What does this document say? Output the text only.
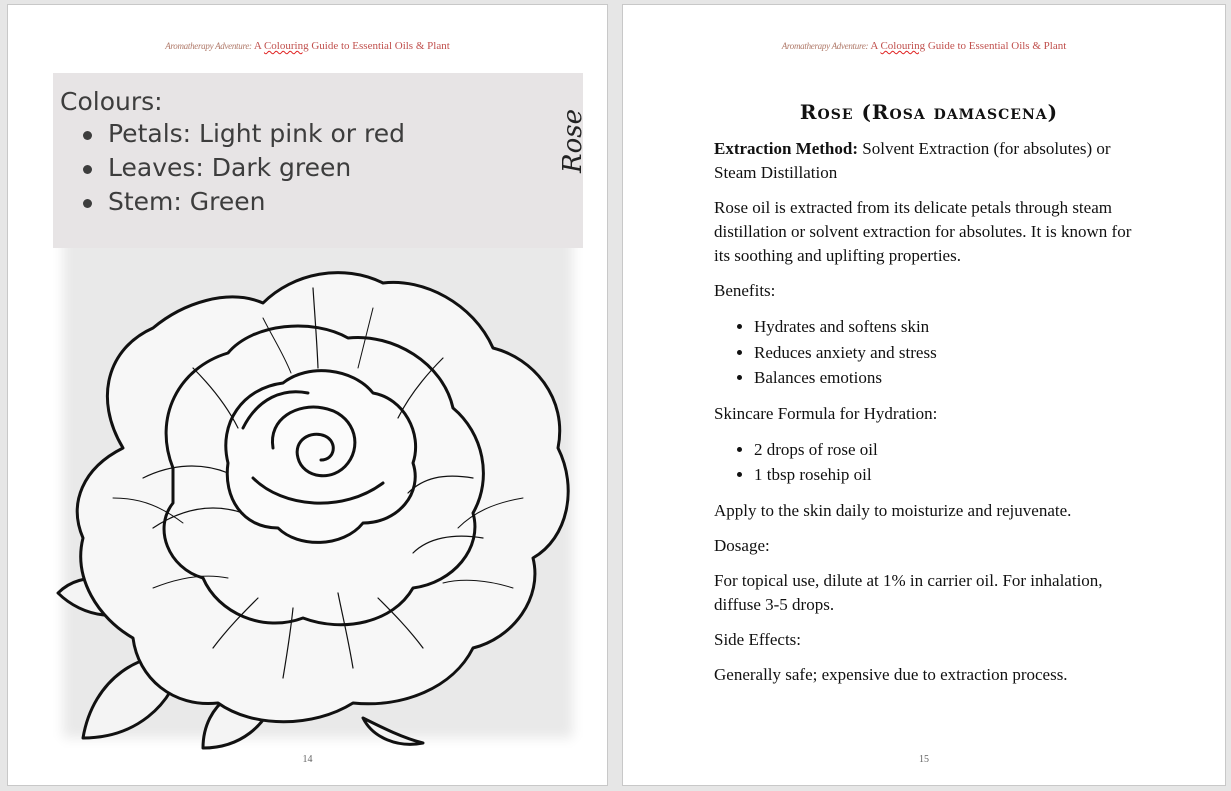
Aromatherapy Adventure: A Colouring Guide to Essential Oils & Plant
Colours:
Petals: Light pink or red
Leaves: Dark green
Stem: Green
Rose
14
Aromatherapy Adventure: A Colouring Guide to Essential Oils & Plant
Rose (Rosa damascena)

Extraction Method: Solvent Extraction (for absolutes) or Steam Distillation

Rose oil is extracted from its delicate petals through steam distillation or solvent extraction for absolutes. It is known for its soothing and uplifting properties.

Benefits:

• Hydrates and softens skin
• Reduces anxiety and stress
• Balances emotions

Skincare Formula for Hydration:

• 2 drops of rose oil
• 1 tbsp rosehip oil

Apply to the skin daily to moisturize and rejuvenate.

Dosage:

For topical use, dilute at 1% in carrier oil. For inhalation, diffuse 3-5 drops.

Side Effects:

Generally safe; expensive due to extraction process.

15
